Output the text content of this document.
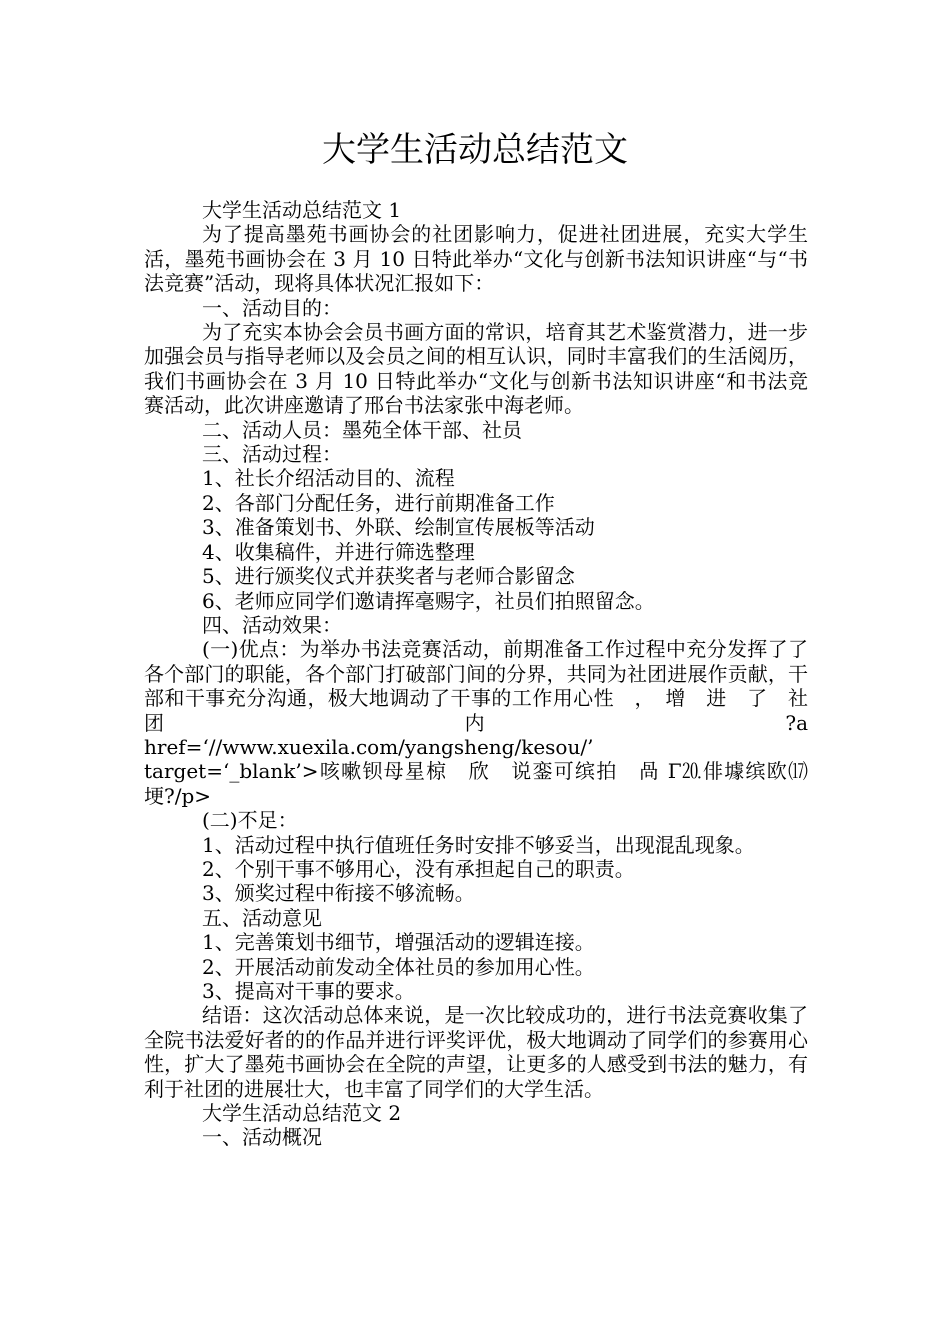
大学生活动总结范文

大学生活动总结范文 1

为了提高墨苑书画协会的社团影响力，促进社团进展，充实大学生活，墨苑书画协会在 3 月 10 日特此举办“文化与创新书法知识讲座“与“书法竞赛”活动，现将具体状况汇报如下：

一、活动目的：

为了充实本协会会员书画方面的常识，培育其艺术鉴赏潜力，进一步加强会员与指导老师以及会员之间的相互认识，同时丰富我们的生活阅历，我们书画协会在 3 月 10 日特此举办“文化与创新书法知识讲座“和书法竞赛活动，此次讲座邀请了邢台书法家张中海老师。

二、活动人员：墨苑全体干部、社员

三、活动过程：

1、社长介绍活动目的、流程

2、各部门分配任务，进行前期准备工作

3、准备策划书、外联、绘制宣传展板等活动

4、收集稿件，并进行筛选整理

5、进行颁奖仪式并获奖者与老师合影留念

6、老师应同学们邀请挥毫赐字，社员们拍照留念。

四、活动效果：

(一)优点：为举办书法竞赛活动，前期准备工作过程中充分发挥了了各个部门的职能，各个部门打破部门间的分界，共同为社团进展作贡献，干部和干事充分沟通，极大地调动了干事的工作用心性　，　增　进　了　社　团　内　?a

href=‘//www.xuexila.com/yangsheng/kesou/’

target=‘_blank’>咳嗽钡母星椋　欣　说銮可缤拍　咼 Γ⒛俳壉缤欧⒄埂?/p>

(二)不足：

1、活动过程中执行值班任务时安排不够妥当，出现混乱现象。

2、个别干事不够用心，没有承担起自己的职责。

3、颁奖过程中衔接不够流畅。

五、活动意见

1、完善策划书细节，增强活动的逻辑连接。

2、开展活动前发动全体社员的参加用心性。

3、提高对干事的要求。

结语：这次活动总体来说，是一次比较成功的，进行书法竞赛收集了全院书法爱好者的的作品并进行评奖评优，极大地调动了同学们的参赛用心性，扩大了墨苑书画协会在全院的声望，让更多的人感受到书法的魅力，有利于社团的进展壮大，也丰富了同学们的大学生活。

大学生活动总结范文 2

一、活动概况
